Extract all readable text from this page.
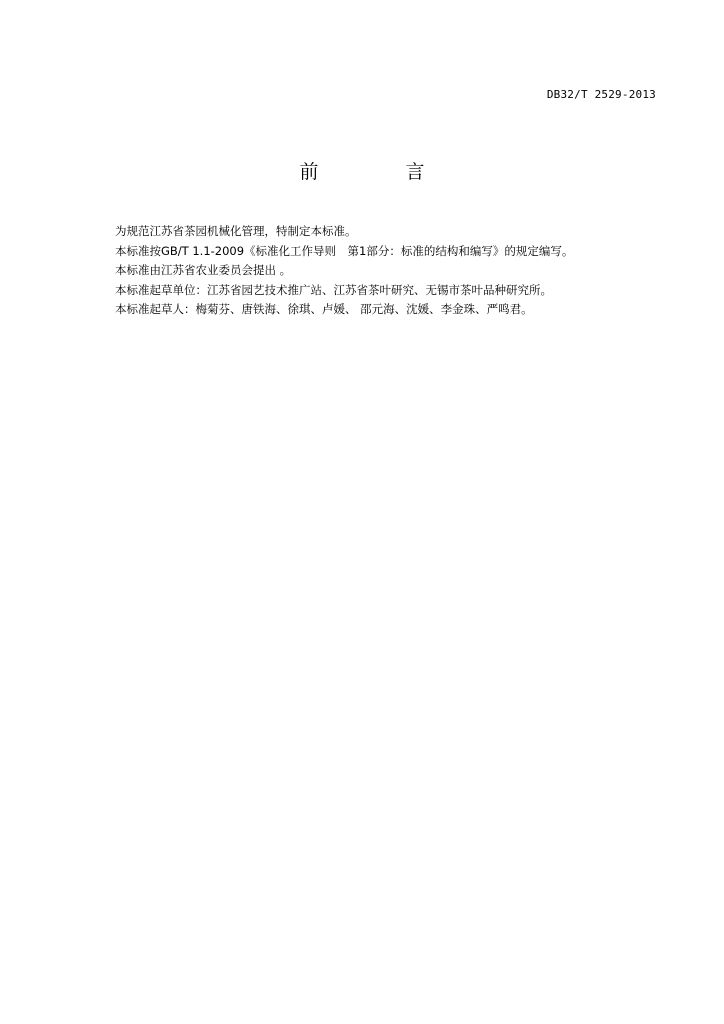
DB32/T 2529-2013
前　言

为规范江苏省茶园机械化管理，特制定本标准。

本标准按GB/T 1.1-2009《标准化工作导则　第1部分：标准的结构和编写》的规定编写。

本标准由江苏省农业委员会提出 。

本标准起草单位：江苏省园艺技术推广站、江苏省茶叶研究、无锡市茶叶品种研究所。

本标准起草人：梅菊芬、唐铁海、徐琪、卢媛、 邵元海、沈媛、李金珠、严鸣君。
